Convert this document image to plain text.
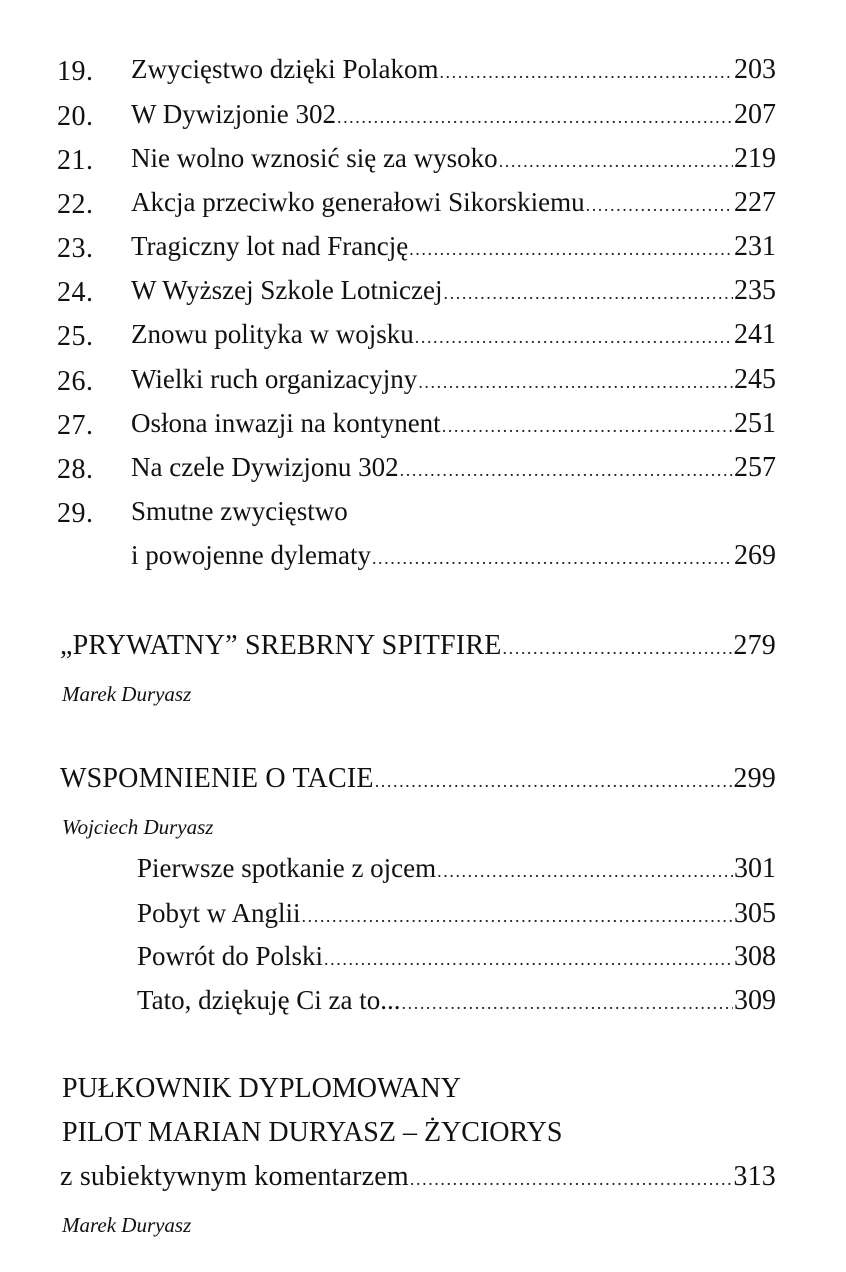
19. Zwycięstwo dzięki Polakom .....	203
20. W Dywizjonie 302 .....	207
21. Nie wolno wznosić się za wysoko .....	219
22. Akcja przeciwko generałowi Sikorskiemu .....	227
23. Tragiczny lot nad Francję .....	231
24. W Wyższej Szkole Lotniczej .....	235
25. Znowu polityka w wojsku .....	241
26. Wielki ruch organizacyjny .....	245
27. Osłona inwazji na kontynent .....	251
28. Na czele Dywizjonu 302 .....	257
29. Smutne zwycięstwo
i powojenne dylematy .....	269
„PRYWATNY” SREBRNY SPITFIRE .....	279
Marek Duryasz
WSPOMNIENIE O TACIE .....	299
Wojciech Duryasz
Pierwsze spotkanie z ojcem .....	301
Pobyt w Anglii .....	305
Powrót do Polski .....	308
Tato, dziękuję Ci za to... .....	309
PUŁKOWNIK DYPLOMOWANY
PILOT MARIAN DURYASZ – ŻYCIORYS
z subiektywnym komentarzem .....	313
Marek Duryasz
